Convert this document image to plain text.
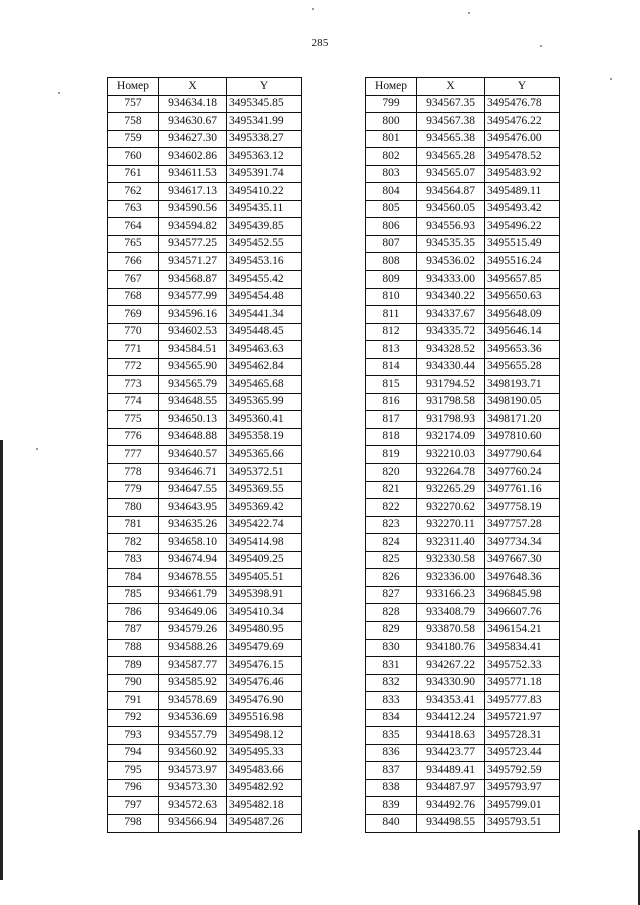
285
Номер	X	Y
757	934634.18	3495345.85
758	934630.67	3495341.99
759	934627.30	3495338.27
760	934602.86	3495363.12
761	934611.53	3495391.74
762	934617.13	3495410.22
763	934590.56	3495435.11
764	934594.82	3495439.85
765	934577.25	3495452.55
766	934571.27	3495453.16
767	934568.87	3495455.42
768	934577.99	3495454.48
769	934596.16	3495441.34
770	934602.53	3495448.45
771	934584.51	3495463.63
772	934565.90	3495462.84
773	934565.79	3495465.68
774	934648.55	3495365.99
775	934650.13	3495360.41
776	934648.88	3495358.19
777	934640.57	3495365.66
778	934646.71	3495372.51
779	934647.55	3495369.55
780	934643.95	3495369.42
781	934635.26	3495422.74
782	934658.10	3495414.98
783	934674.94	3495409.25
784	934678.55	3495405.51
785	934661.79	3495398.91
786	934649.06	3495410.34
787	934579.26	3495480.95
788	934588.26	3495479.69
789	934587.77	3495476.15
790	934585.92	3495476.46
791	934578.69	3495476.90
792	934536.69	3495516.98
793	934557.79	3495498.12
794	934560.92	3495495.33
795	934573.97	3495483.66
796	934573.30	3495482.92
797	934572.63	3495482.18
798	934566.94	3495487.26
Номер	X	Y
799	934567.35	3495476.78
800	934567.38	3495476.22
801	934565.38	3495476.00
802	934565.28	3495478.52
803	934565.07	3495483.92
804	934564.87	3495489.11
805	934560.05	3495493.42
806	934556.93	3495496.22
807	934535.35	3495515.49
808	934536.02	3495516.24
809	934333.00	3495657.85
810	934340.22	3495650.63
811	934337.67	3495648.09
812	934335.72	3495646.14
813	934328.52	3495653.36
814	934330.44	3495655.28
815	931794.52	3498193.71
816	931798.58	3498190.05
817	931798.93	3498171.20
818	932174.09	3497810.60
819	932210.03	3497790.64
820	932264.78	3497760.24
821	932265.29	3497761.16
822	932270.62	3497758.19
823	932270.11	3497757.28
824	932311.40	3497734.34
825	932330.58	3497667.30
826	932336.00	3497648.36
827	933166.23	3496845.98
828	933408.79	3496607.76
829	933870.58	3496154.21
830	934180.76	3495834.41
831	934267.22	3495752.33
832	934330.90	3495771.18
833	934353.41	3495777.83
834	934412.24	3495721.97
835	934418.63	3495728.31
836	934423.77	3495723.44
837	934489.41	3495792.59
838	934487.97	3495793.97
839	934492.76	3495799.01
840	934498.55	3495793.51
